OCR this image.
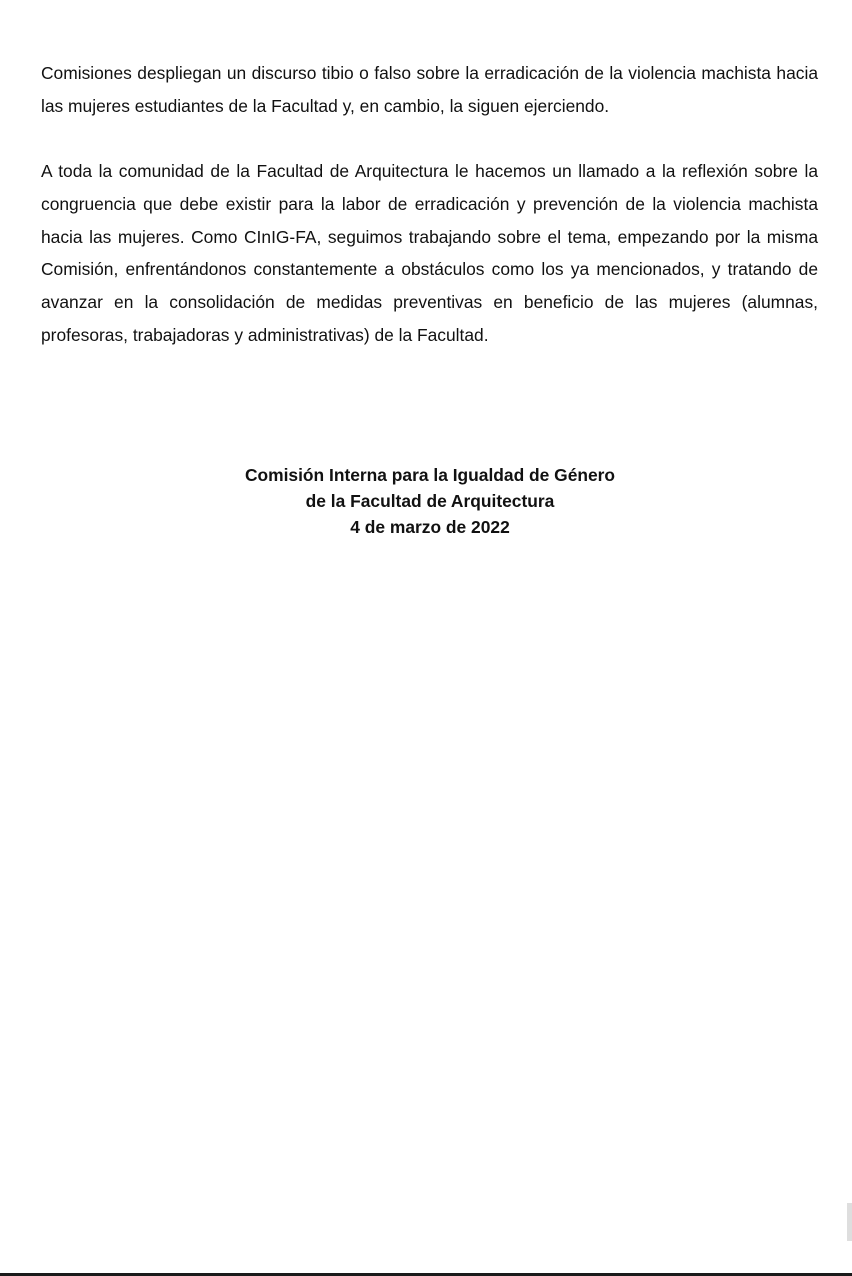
Comisiones despliegan un discurso tibio o falso sobre la erradicación de la violencia machista hacia las mujeres estudiantes de la Facultad y, en cambio, la siguen ejerciendo.

A toda la comunidad de la Facultad de Arquitectura le hacemos un llamado a la reflexión sobre la congruencia que debe existir para la labor de erradicación y prevención de la violencia machista hacia las mujeres. Como CInIG-FA, seguimos trabajando sobre el tema, empezando por la misma Comisión, enfrentándonos constantemente a obstáculos como los ya mencionados, y tratando de avanzar en la consolidación de medidas preventivas en beneficio de las mujeres (alumnas, profesoras, trabajadoras y administrativas) de la Facultad.

Comisión Interna para la Igualdad de Género
de la Facultad de Arquitectura
4 de marzo de 2022
